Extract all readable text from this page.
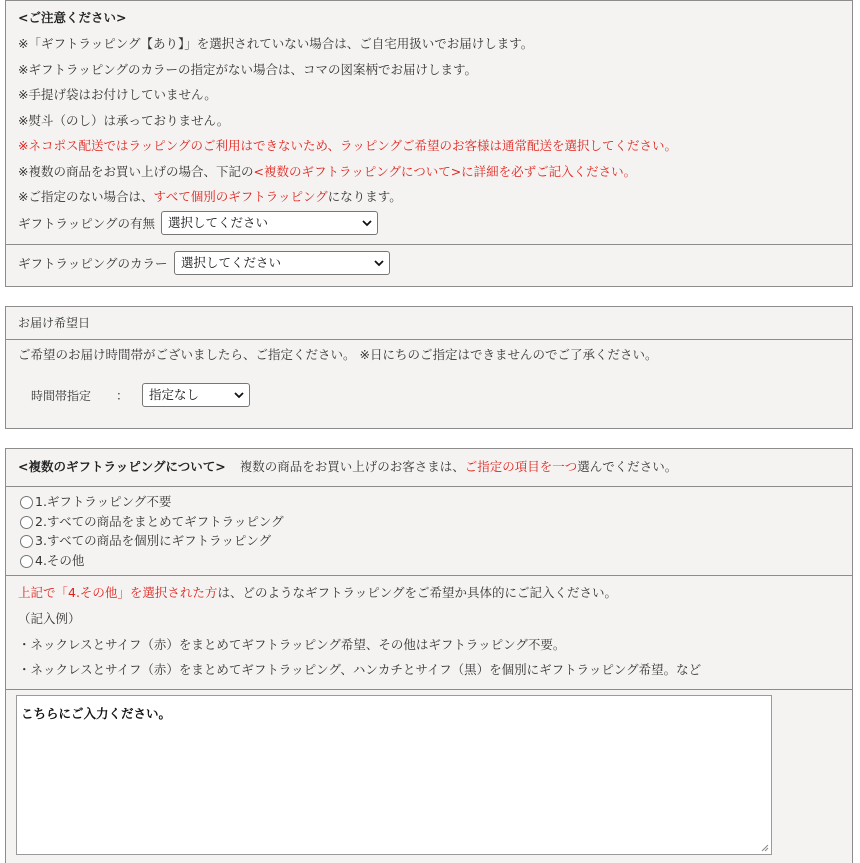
<ご注意ください>
※「ギフトラッピング【あり】」を選択されていない場合は、ご自宅用扱いでお届けします。
※ギフトラッピングのカラーの指定がない場合は、コマの図案柄でお届けします。
※手提げ袋はお付けしていません。
※熨斗（のし）は承っておりません。
※ネコポス配送ではラッピングのご利用はできないため、ラッピングご希望のお客様は通常配送を選択してください。
※複数の商品をお買い上げの場合、下記の<複数のギフトラッピングについて>に詳細を必ずご記入ください。
※ご指定のない場合は、すべて個別のギフトラッピングになります。
ギフトラッピングの有無	選択してください
ギフトラッピングのカラー	選択してください
お届け希望日
ご希望のお届け時間帯がございましたら、ご指定ください。 ※日にちのご指定はできませんのでご了承ください。
時間帯指定 ：	指定なし
<複数のギフトラッピングについて> 複数の商品をお買い上げのお客さまは、ご指定の項目を一つ選んでください。
1.ギフトラッピング不要
2.すべての商品をまとめてギフトラッピング
3.すべての商品を個別にギフトラッピング
4.その他
上記で「4.その他」を選択された方は、どのようなギフトラッピングをご希望か具体的にご記入ください。
（記入例）
・ネックレスとサイフ（赤）をまとめてギフトラッピング希望、その他はギフトラッピング不要。
・ネックレスとサイフ（赤）をまとめてギフトラッピング、ハンカチとサイフ（黒）を個別にギフトラッピング希望。など
こちらにご入力ください。
